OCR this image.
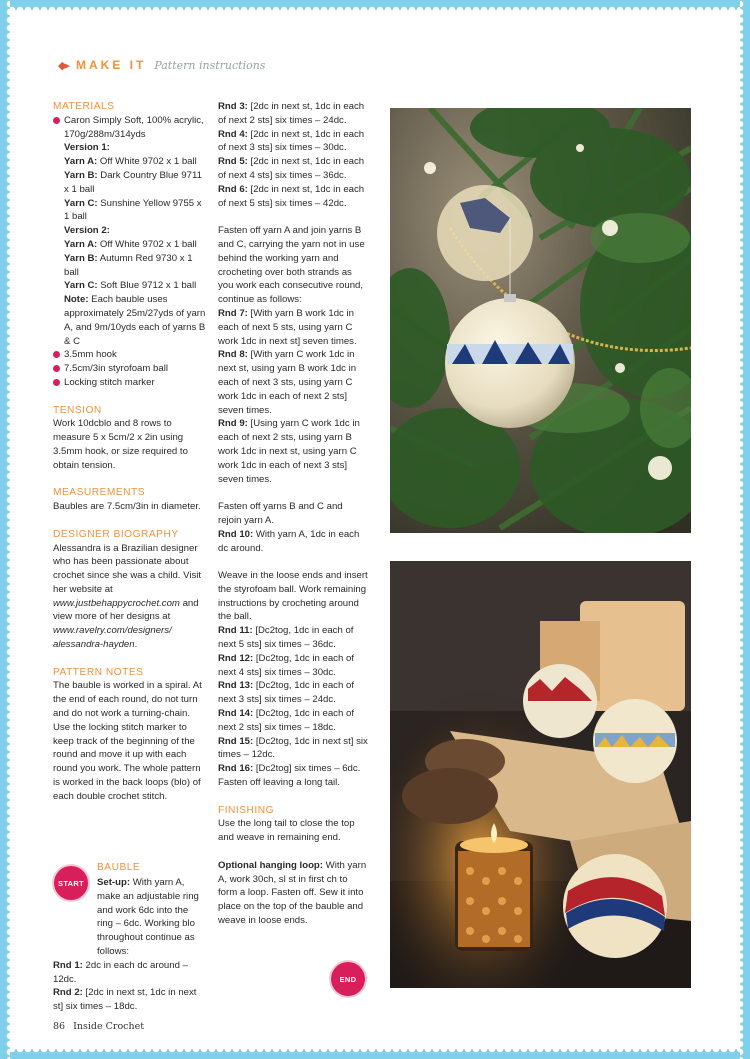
◆▸ MAKE IT Pattern instructions

MATERIALS

Caron Simply Soft, 100% acrylic, 170g/288m/314yds

Version 1:

Yarn A: Off White 9702 x 1 ball

Yarn B: Dark Country Blue 9711 x 1 ball

Yarn C: Sunshine Yellow 9755 x 1 ball

Version 2:

Yarn A: Off White 9702 x 1 ball

Yarn B: Autumn Red 9730 x 1 ball

Yarn C: Soft Blue 9712 x 1 ball

Note: Each bauble uses approximately 25m/27yds of yarn A, and 9m/10yds each of yarns B & C

3.5mm hook

7.5cm/3in styrofoam ball

Locking stitch marker

TENSION

Work 10dcblo and 8 rows to measure 5 x 5cm/2 x 2in using 3.5mm hook, or size required to obtain tension.

MEASUREMENTS

Baubles are 7.5cm/3in in diameter.

DESIGNER BIOGRAPHY

Alessandra is a Brazilian designer who has been passionate about crochet since she was a child. Visit her website at www.justbehappycrochet.com and view more of her designs at www.ravelry.com/designers/ alessandra-hayden.

PATTERN NOTES

The bauble is worked in a spiral. At the end of each round, do not turn and do not work a turning-chain. Use the locking stitch marker to keep track of the beginning of the round and move it up with each round you work. The whole pattern is worked in the back loops (blo) of each double crochet stitch.

START
BAUBLE

Set-up: With yarn A, make an adjustable ring and work 6dc into the ring – 6dc. Working blo throughout continue as follows:

Rnd 1: 2dc in each dc around – 12dc.

Rnd 2: [2dc in next st, 1dc in next st] six times – 18dc.

Rnd 3: [2dc in next st, 1dc in each of next 2 sts] six times – 24dc.

Rnd 4: [2dc in next st, 1dc in each of next 3 sts] six times – 30dc.

Rnd 5: [2dc in next st, 1dc in each of next 4 sts] six times – 36dc.

Rnd 6: [2dc in next st, 1dc in each of next 5 sts] six times – 42dc.

Fasten off yarn A and join yarns B and C, carrying the yarn not in use behind the working yarn and crocheting over both strands as you work each consecutive round, continue as follows:

Rnd 7: [With yarn B work 1dc in each of next 5 sts, using yarn C work 1dc in next st] seven times.

Rnd 8: [With yarn C work 1dc in next st, using yarn B work 1dc in each of next 3 sts, using yarn C work 1dc in each of next 2 sts] seven times.

Rnd 9: [Using yarn C work 1dc in each of next 2 sts, using yarn B work 1dc in next st, using yarn C work 1dc in each of next 3 sts] seven times.

Fasten off yarns B and C and rejoin yarn A.

Rnd 10: With yarn A, 1dc in each dc around.

Weave in the loose ends and insert the styrofoam ball. Work remaining instructions by crocheting around the ball.

Rnd 11: [Dc2tog, 1dc in each of next 5 sts] six times – 36dc.

Rnd 12: [Dc2tog, 1dc in each of next 4 sts] six times – 30dc.

Rnd 13: [Dc2tog, 1dc in each of next 3 sts] six times – 24dc.

Rnd 14: [Dc2tog, 1dc in each of next 2 sts] six times – 18dc.

Rnd 15: [Dc2tog, 1dc in next st] six times – 12dc.

Rnd 16: [Dc2tog] six times – 6dc. Fasten off leaving a long tail.

FINISHING

Use the long tail to close the top and weave in remaining end.

Optional hanging loop: With yarn A, work 30ch, sl st in first ch to form a loop. Fasten off. Sew it into place on the top of the bauble and weave in loose ends.

END
86 Inside Crochet
